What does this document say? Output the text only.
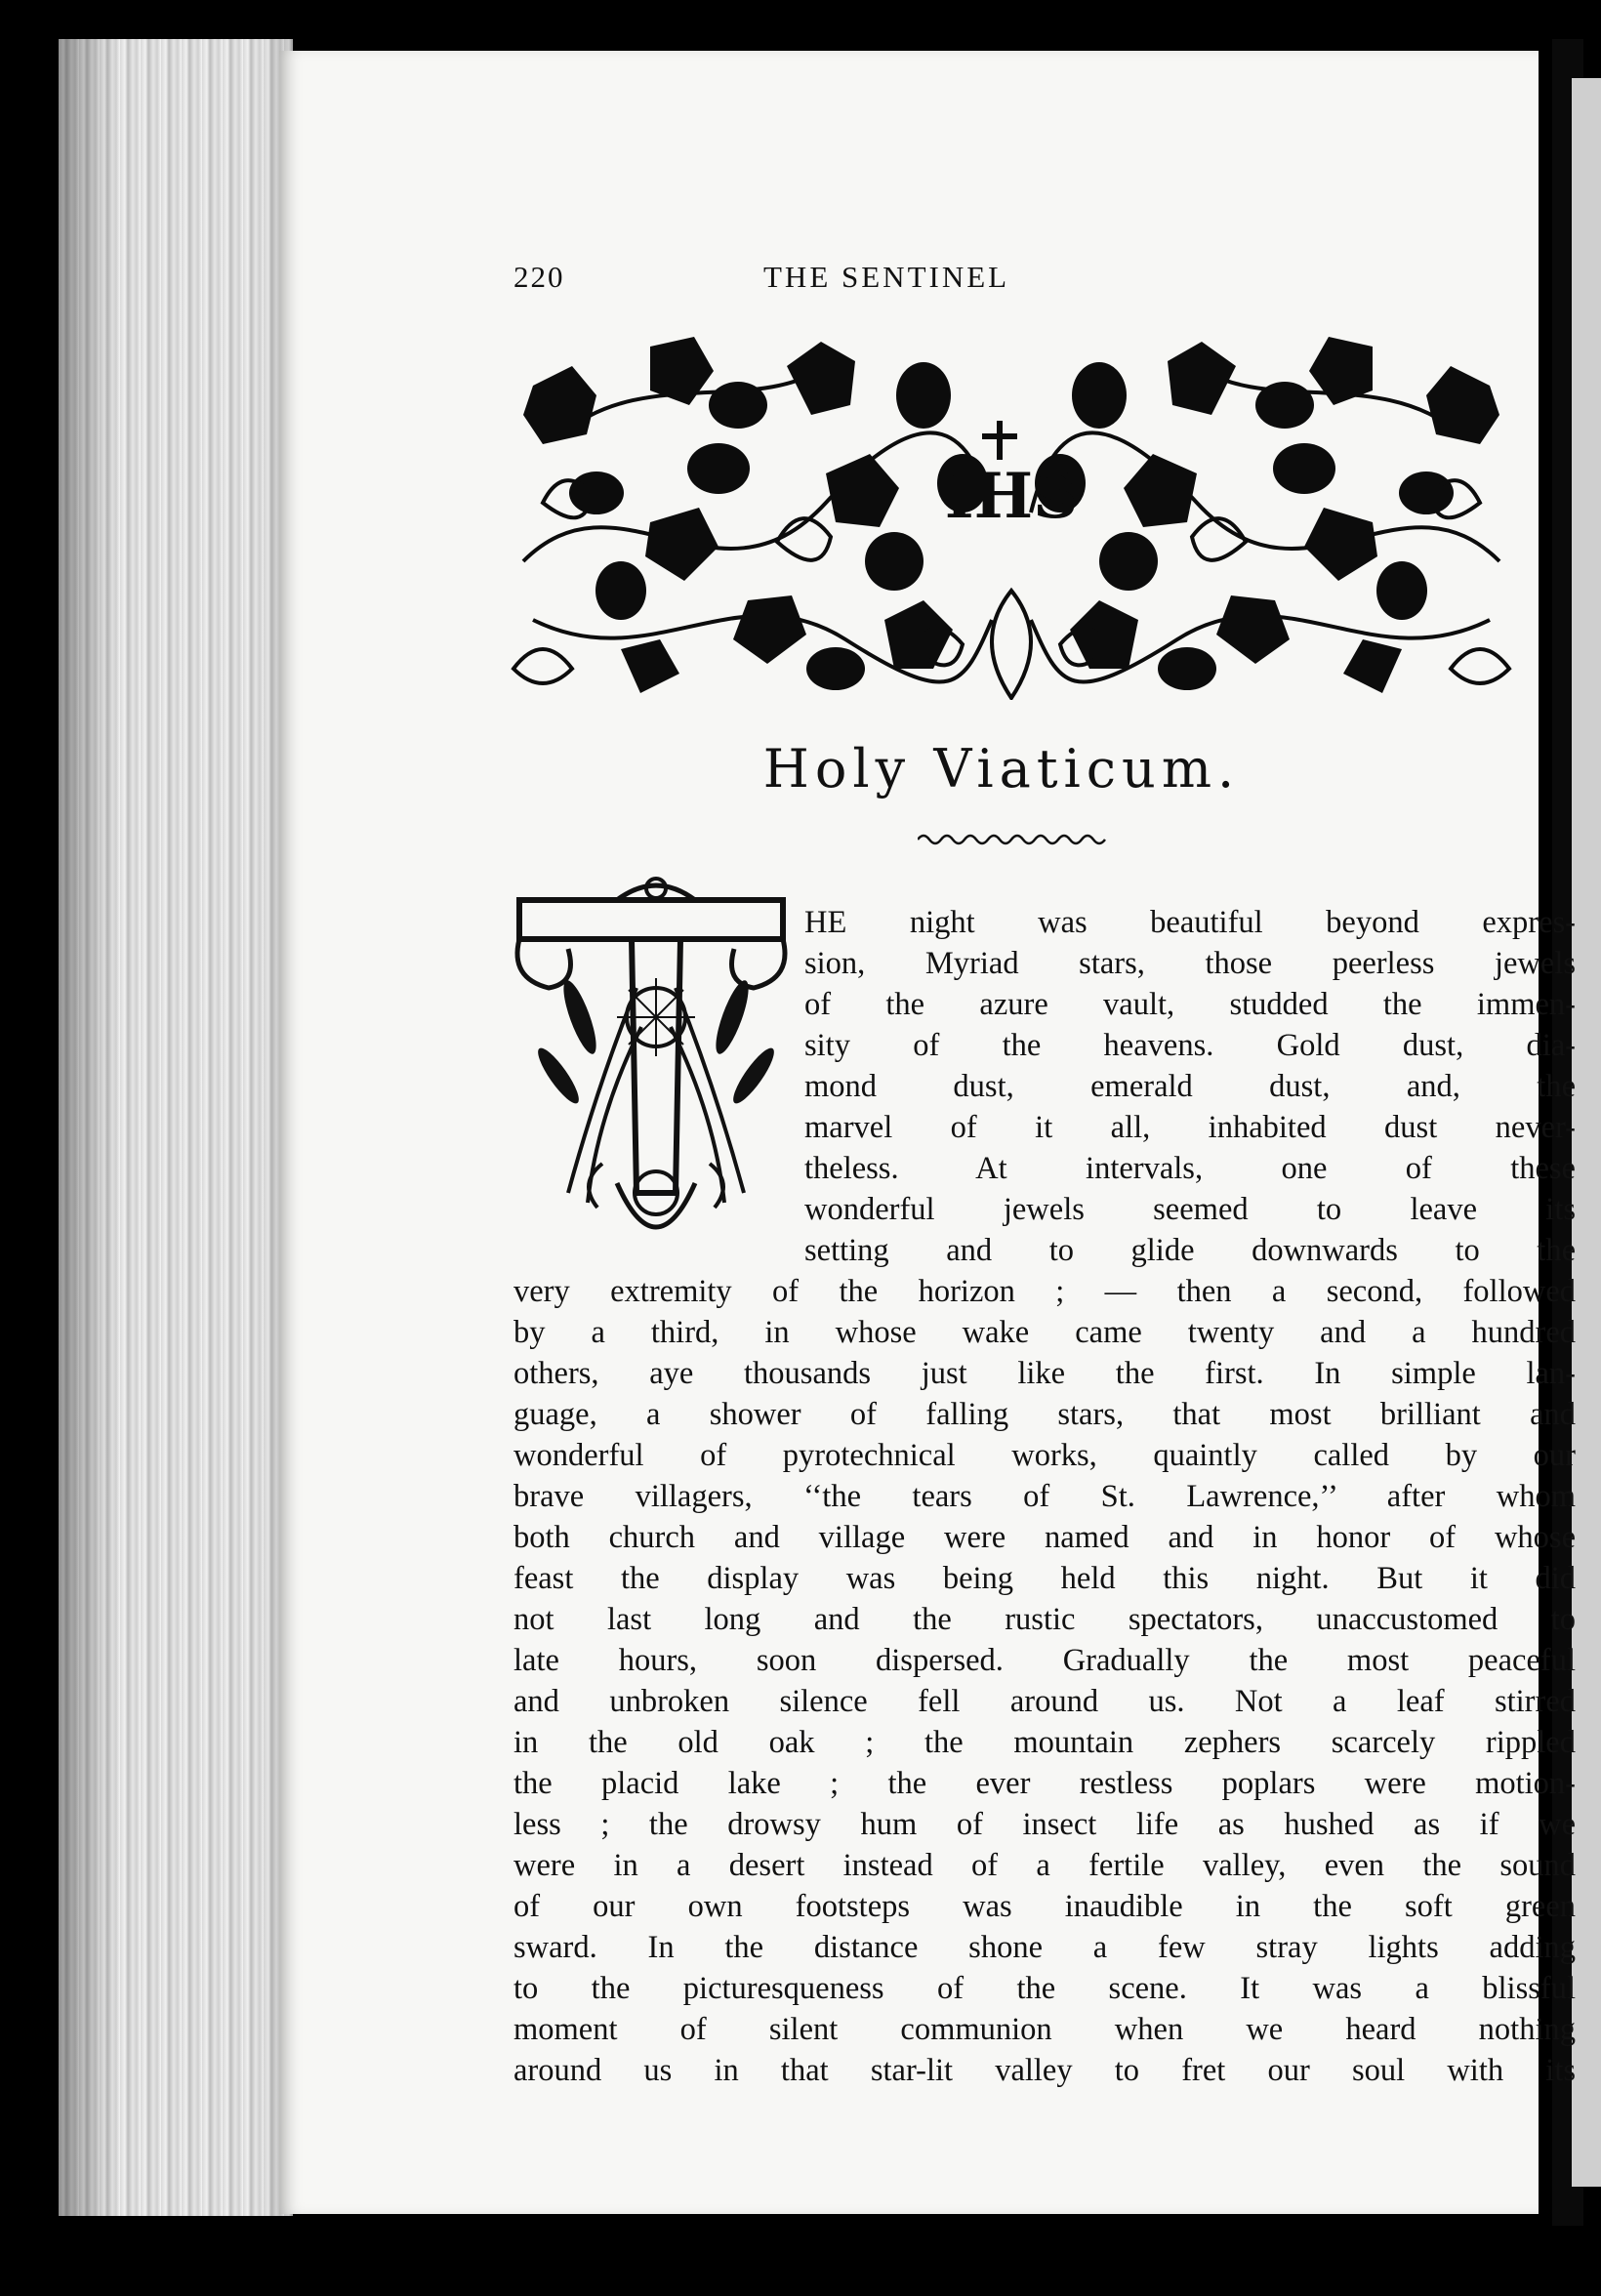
220	THE SENTINEL
IHS
Holy Viaticum.
HE night was beautiful beyond expres-
sion, Myriad stars, those peerless jewels
of the azure vault, studded the immen-
sity of the heavens. Gold dust, dia-
mond dust, emerald dust, and, the
marvel of it all, inhabited dust never-
theless. At intervals, one of these
wonderful jewels seemed to leave its
setting and to glide downwards to the
very extremity of the horizon ; — then a second, followed
by a third, in whose wake came twenty and a hundred
others, aye thousands just like the first. In simple lan-
guage, a shower of falling stars, that most brilliant and
wonderful of pyrotechnical works, quaintly called by our
brave villagers, ‘‘the tears of St. Lawrence,’’ after whom
both church and village were named and in honor of whose
feast the display was being held this night. But it did
not last long and the rustic spectators, unaccustomed to
late hours, soon dispersed. Gradually the most peaceful
and unbroken silence fell around us. Not a leaf stirred
in the old oak ; the mountain zephers scarcely rippled
the placid lake ; the ever restless poplars were motion-
less ; the drowsy hum of insect life as hushed as if we
were in a desert instead of a fertile valley, even the sound
of our own footsteps was inaudible in the soft green
sward. In the distance shone a few stray lights adding
to the picturesqueness of the scene. It was a blissful
moment of silent communion when we heard nothing
around us in that star-lit valley to fret our soul with its
